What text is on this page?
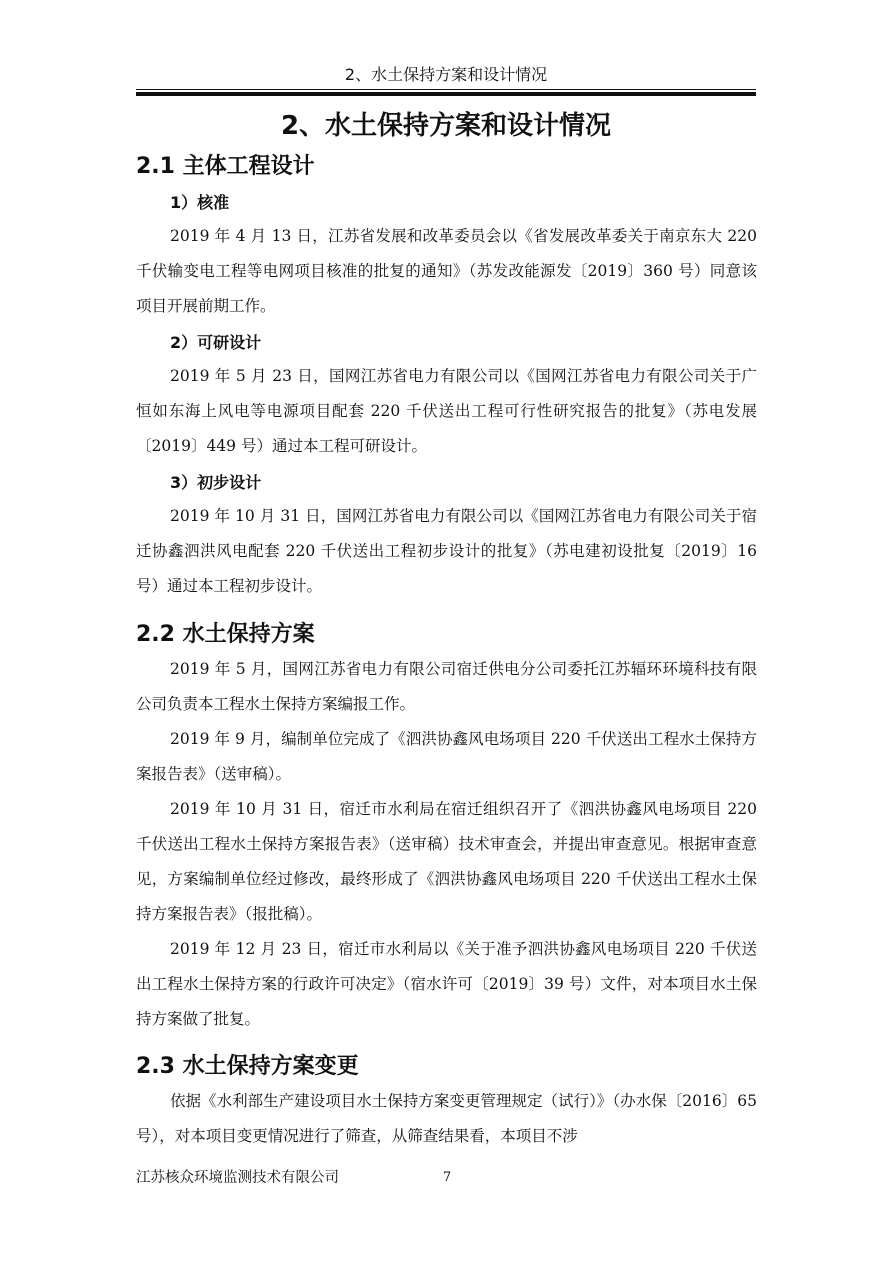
2、水土保持方案和设计情况
2、水土保持方案和设计情况
2.1 主体工程设计
1）核准

2019 年 4 月 13 日，江苏省发展和改革委员会以《省发展改革委关于南京东大 220 千伏输变电工程等电网项目核准的批复的通知》（苏发改能源发〔2019〕360 号）同意该项目开展前期工作。

2）可研设计

2019 年 5 月 23 日，国网江苏省电力有限公司以《国网江苏省电力有限公司关于广恒如东海上风电等电源项目配套 220 千伏送出工程可行性研究报告的批复》（苏电发展〔2019〕449 号）通过本工程可研设计。

3）初步设计

2019 年 10 月 31 日，国网江苏省电力有限公司以《国网江苏省电力有限公司关于宿迁协鑫泗洪风电配套 220 千伏送出工程初步设计的批复》（苏电建初设批复〔2019〕16 号）通过本工程初步设计。

2.2 水土保持方案

2019 年 5 月，国网江苏省电力有限公司宿迁供电分公司委托江苏辐环环境科技有限公司负责本工程水土保持方案编报工作。

2019 年 9 月，编制单位完成了《泗洪协鑫风电场项目 220 千伏送出工程水土保持方案报告表》（送审稿）。

2019 年 10 月 31 日，宿迁市水利局在宿迁组织召开了《泗洪协鑫风电场项目 220 千伏送出工程水土保持方案报告表》（送审稿）技术审查会，并提出审查意见。根据审查意见，方案编制单位经过修改，最终形成了《泗洪协鑫风电场项目 220 千伏送出工程水土保持方案报告表》（报批稿）。

2019 年 12 月 23 日，宿迁市水利局以《关于准予泗洪协鑫风电场项目 220 千伏送出工程水土保持方案的行政许可决定》（宿水许可〔2019〕39 号）文件，对本项目水土保持方案做了批复。

2.3 水土保持方案变更

依据《水利部生产建设项目水土保持方案变更管理规定（试行）》（办水保〔2016〕65 号），对本项目变更情况进行了筛查，从筛查结果看，本项目不涉

江苏核众环境监测技术有限公司	7
